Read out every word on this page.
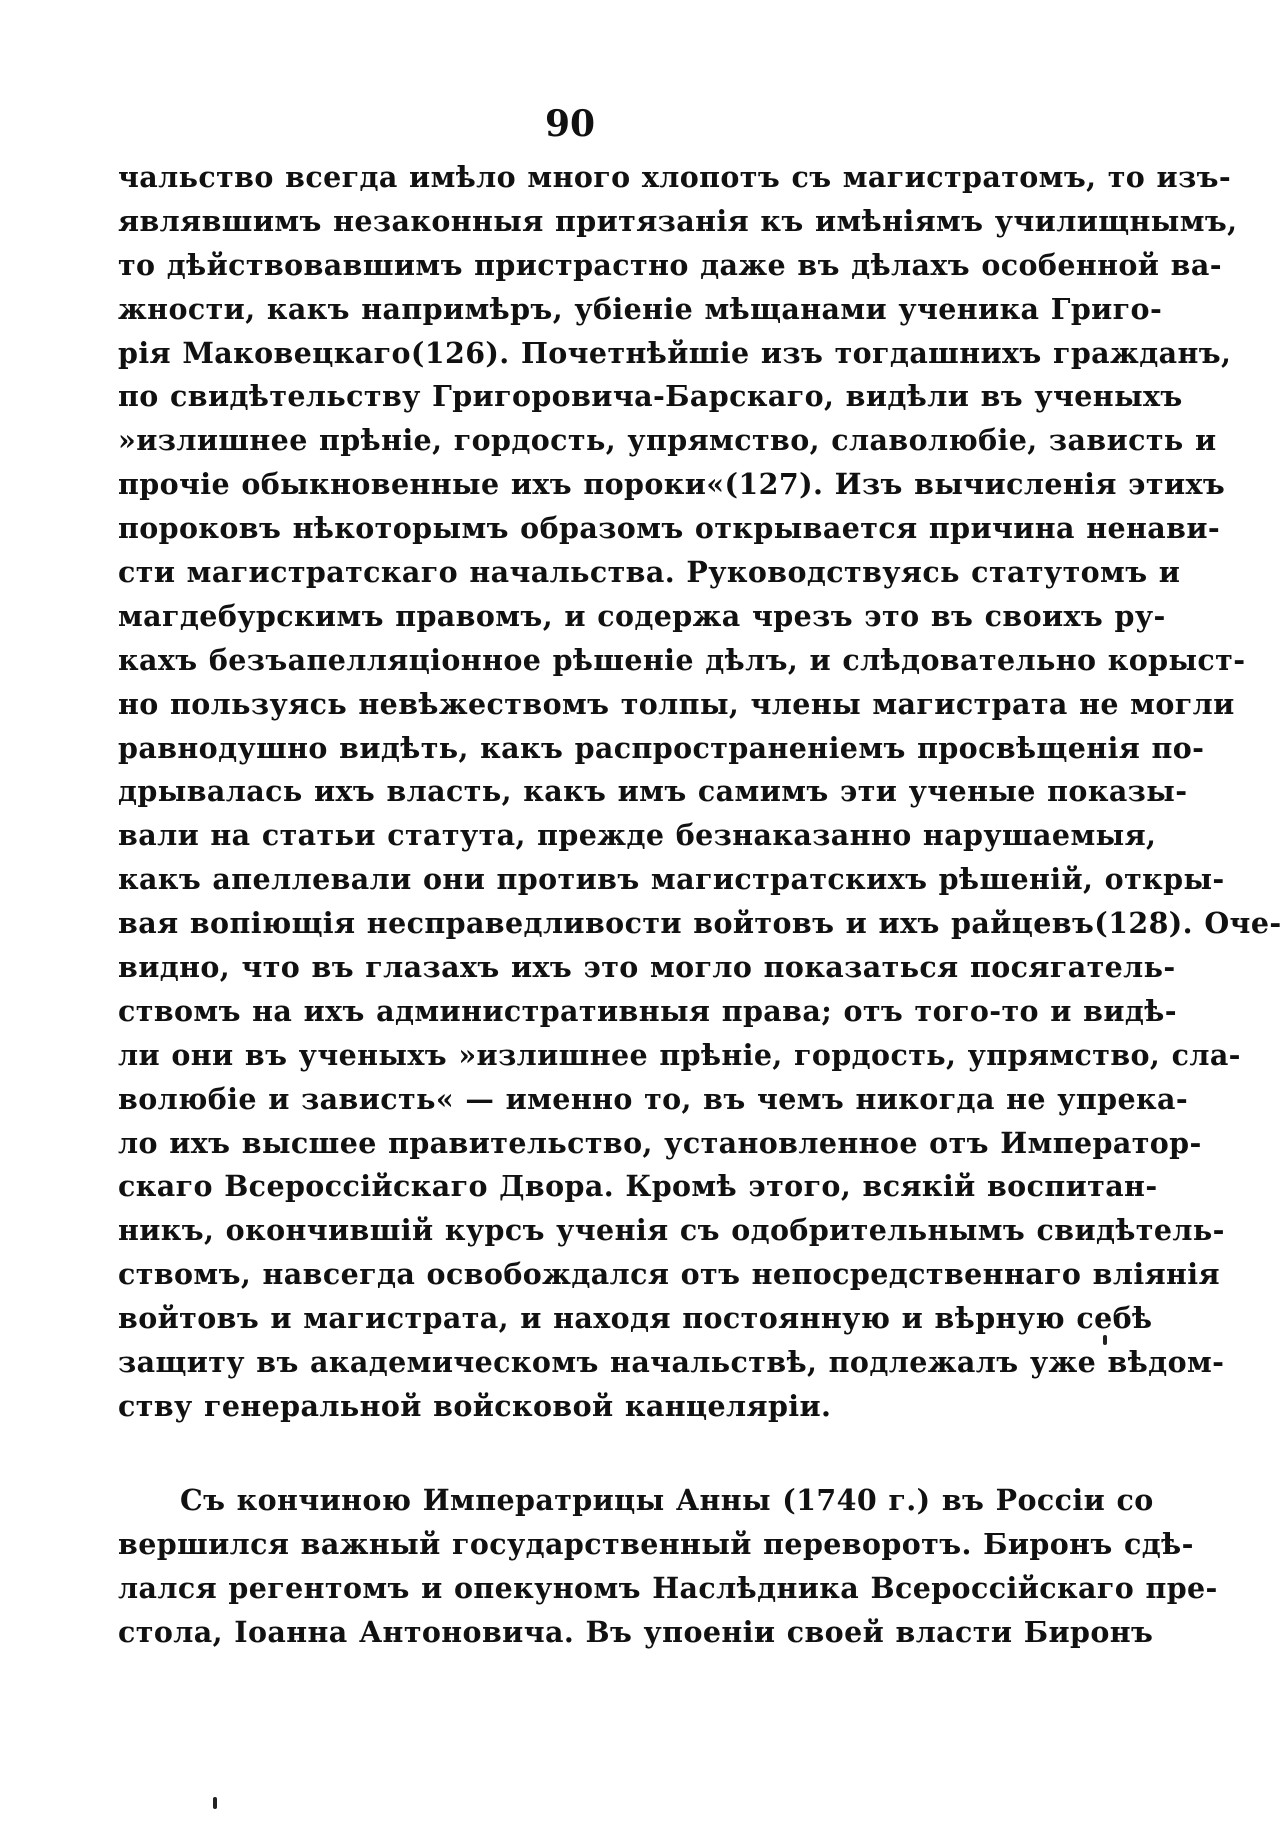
90
чальство всегда имѣло много хлопотъ съ магистратомъ, то изъ-
являвшимъ незаконныя притязанія къ имѣніямъ училищнымъ,
то дѣйствовавшимъ пристрастно даже въ дѣлахъ особенной ва-
жности, какъ напримѣръ, убіеніе мѣщанами ученика Григо-
рія Маковецкаго(126). Почетнѣйшіе изъ тогдашнихъ гражданъ,
по свидѣтельству Григоровича-Барскаго, видѣли въ ученыхъ
»излишнее прѣніе, гордость, упрямство, славолюбіе, зависть и
прочіе обыкновенные ихъ пороки«(127). Изъ вычисленія этихъ
пороковъ нѣкоторымъ образомъ открывается причина ненави-
сти магистратскаго начальства. Руководствуясь статутомъ и
магдебурскимъ правомъ, и содержа чрезъ это въ своихъ ру-
кахъ безъапелляціонное рѣшеніе дѣлъ, и слѣдовательно корыст-
но пользуясь невѣжествомъ толпы, члены магистрата не могли
равнодушно видѣть, какъ распространеніемъ просвѣщенія по-
дрывалась ихъ власть, какъ имъ самимъ эти ученые показы-
вали на статьи статута, прежде безнаказанно нарушаемыя,
какъ апеллевали они противъ магистратскихъ рѣшеній, откры-
вая вопіющія несправедливости войтовъ и ихъ райцевъ(128). Оче-
видно, что въ глазахъ ихъ это могло показаться посягатель-
ствомъ на ихъ административныя права; отъ того-то и видѣ-
ли они въ ученыхъ »излишнее прѣніе, гордость, упрямство, сла-
волюбіе и зависть« — именно то, въ чемъ никогда не упрека-
ло ихъ высшее правительство, установленное отъ Император-
скаго Всероссійскаго Двора. Кромѣ этого, всякій воспитан-
никъ, окончившій курсъ ученія съ одобрительнымъ свидѣтель-
ствомъ, навсегда освобождался отъ непосредственнаго вліянія
войтовъ и магистрата, и находя постоянную и вѣрную себѣ
защиту въ академическомъ начальствѣ, подлежалъ уже вѣдом-
ству генеральной войсковой канцеляріи.
Съ кончиною Императрицы Анны (1740 г.) въ Россіи со
вершился важный государственный переворотъ. Биронъ сдѣ-
лался регентомъ и опекуномъ Наслѣдника Всероссійскаго пре-
стола, Іоанна Антоновича. Въ упоеніи своей власти Биронъ
